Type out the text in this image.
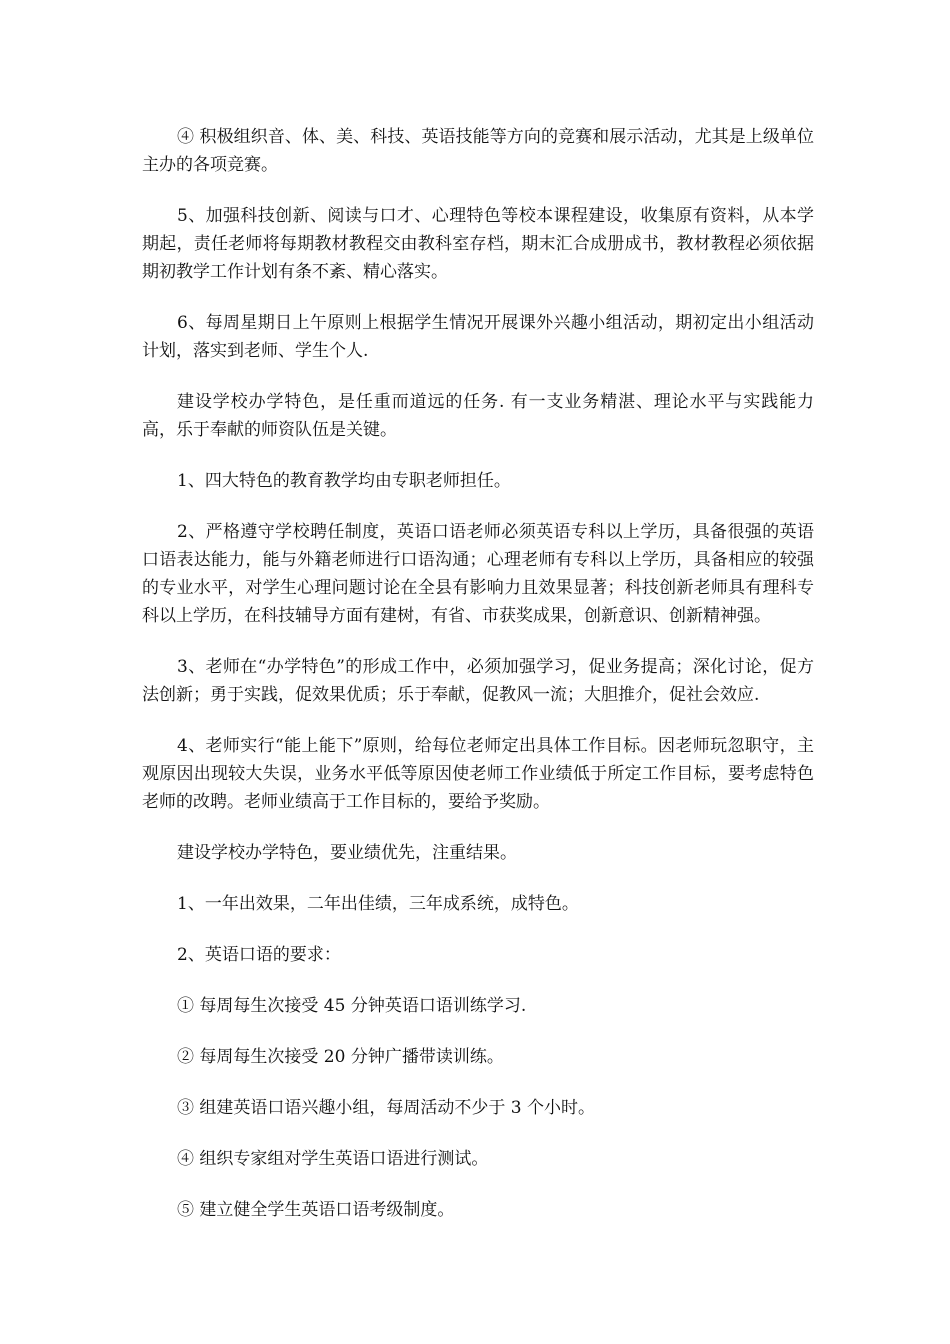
④ 积极组织音、体、美、科技、英语技能等方向的竞赛和展示活动，尤其是上级单位主办的各项竞赛。

5、加强科技创新、阅读与口才、心理特色等校本课程建设，收集原有资料，从本学期起，责任老师将每期教材教程交由教科室存档，期末汇合成册成书，教材教程必须依据期初教学工作计划有条不紊、精心落实。

6、每周星期日上午原则上根据学生情况开展课外兴趣小组活动，期初定出小组活动计划，落实到老师、学生个人.

建设学校办学特色，是任重而道远的任务. 有一支业务精湛、理论水平与实践能力高，乐于奉献的师资队伍是关键。

1、四大特色的教育教学均由专职老师担任。

2、严格遵守学校聘任制度，英语口语老师必须英语专科以上学历，具备很强的英语口语表达能力，能与外籍老师进行口语沟通；心理老师有专科以上学历，具备相应的较强的专业水平，对学生心理问题讨论在全县有影响力且效果显著；科技创新老师具有理科专科以上学历，在科技辅导方面有建树，有省、市获奖成果，创新意识、创新精神强。

3、老师在“办学特色”的形成工作中，必须加强学习，促业务提高；深化讨论，促方法创新；勇于实践，促效果优质；乐于奉献，促教风一流；大胆推介，促社会效应.

4、老师实行“能上能下”原则，给每位老师定出具体工作目标。因老师玩忽职守，主观原因出现较大失误，业务水平低等原因使老师工作业绩低于所定工作目标，要考虑特色老师的改聘。老师业绩高于工作目标的，要给予奖励。

建设学校办学特色，要业绩优先，注重结果。

1、一年出效果，二年出佳绩，三年成系统，成特色。

2、英语口语的要求：

① 每周每生次接受 45 分钟英语口语训练学习.

② 每周每生次接受 20 分钟广播带读训练。

③ 组建英语口语兴趣小组，每周活动不少于 3 个小时。

④ 组织专家组对学生英语口语进行测试。

⑤ 建立健全学生英语口语考级制度。
